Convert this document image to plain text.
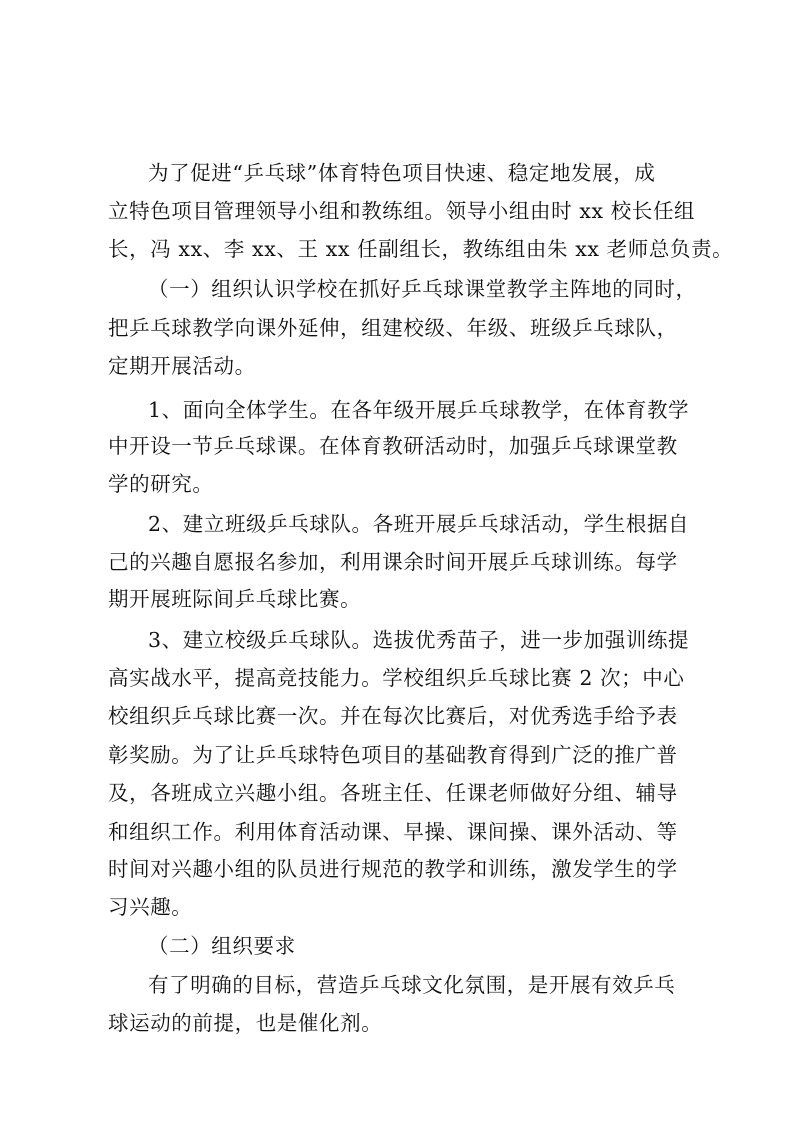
为了促进“乒乓球”体育特色项目快速、稳定地发展，成
立特色项目管理领导小组和教练组。领导小组由时 xx 校长任组
长，冯 xx、李 xx、王 xx 任副组长，教练组由朱 xx 老师总负责。
（一）组织认识学校在抓好乒乓球课堂教学主阵地的同时，
把乒乓球教学向课外延伸，组建校级、年级、班级乒乓球队，
定期开展活动。
1、面向全体学生。在各年级开展乒乓球教学，在体育教学
中开设一节乒乓球课。在体育教研活动时，加强乒乓球课堂教
学的研究。
2、建立班级乒乓球队。各班开展乒乓球活动，学生根据自
己的兴趣自愿报名参加，利用课余时间开展乒乓球训练。每学
期开展班际间乒乓球比赛。
3、建立校级乒乓球队。选拔优秀苗子，进一步加强训练提
高实战水平，提高竞技能力。学校组织乒乓球比赛 2 次；中心
校组织乒乓球比赛一次。并在每次比赛后，对优秀选手给予表
彰奖励。为了让乒乓球特色项目的基础教育得到广泛的推广普
及，各班成立兴趣小组。各班主任、任课老师做好分组、辅导
和组织工作。利用体育活动课、早操、课间操、课外活动、等
时间对兴趣小组的队员进行规范的教学和训练，激发学生的学
习兴趣。
（二）组织要求
有了明确的目标，营造乒乓球文化氛围，是开展有效乒乓
球运动的前提，也是催化剂。
